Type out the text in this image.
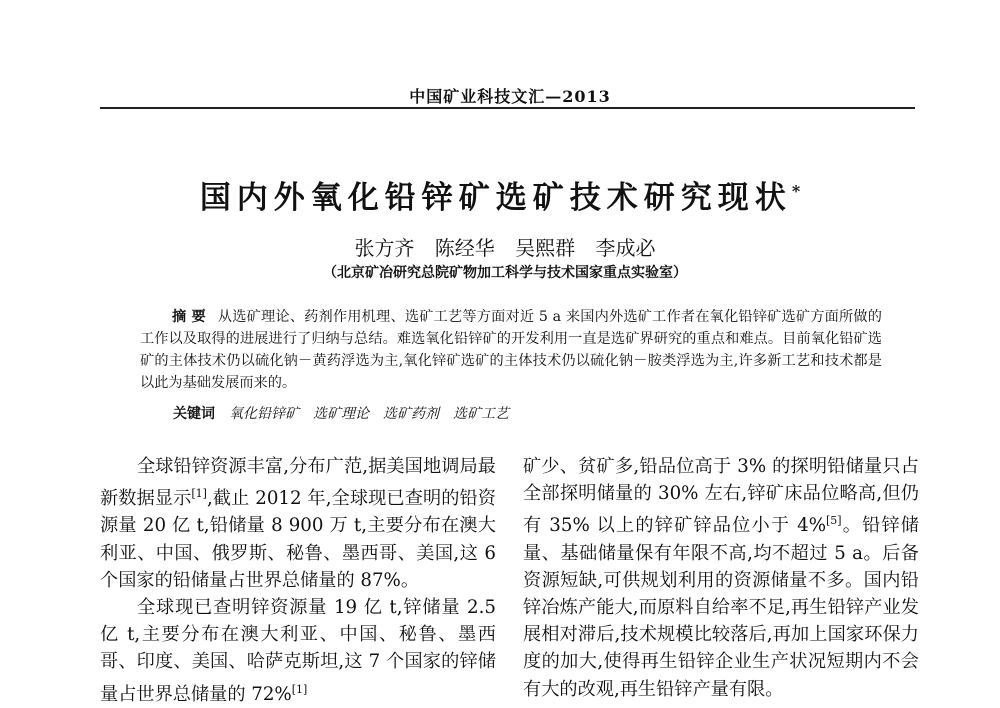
中国矿业科技文汇—2013
国内外氧化铅锌矿选矿技术研究现状*
张方齐 陈经华 吴熙群 李成必
（北京矿冶研究总院矿物加工科学与技术国家重点实验室）
摘 要 从选矿理论、药剂作用机理、选矿工艺等方面对近 5 a 来国内外选矿工作者在氧化铅锌矿选矿方面所做的工作以及取得的进展进行了归纳与总结。难选氧化铅锌矿的开发利用一直是选矿界研究的重点和难点。目前氧化铅矿选矿的主体技术仍以硫化钠－黄药浮选为主,氧化锌矿选矿的主体技术仍以硫化钠－胺类浮选为主,许多新工艺和技术都是以此为基础发展而来的。
关键词 氧化铅锌矿 选矿理论 选矿药剂 选矿工艺

全球铅锌资源丰富,分布广范,据美国地调局最新数据显示[1],截止 2012 年,全球现已查明的铅资源量 20 亿 t,铅储量 8 900 万 t,主要分布在澳大利亚、中国、俄罗斯、秘鲁、墨西哥、美国,这 6 个国家的铅储量占世界总储量的 87%。

全球现已查明锌资源量 19 亿 t,锌储量 2.5 亿 t,主要分布在澳大利亚、中国、秘鲁、墨西哥、印度、美国、哈萨克斯坦,这 7 个国家的锌储量占世界总储量的 72%[1]

矿少、贫矿多,铅品位高于 3% 的探明铅储量只占全部探明储量的 30% 左右,锌矿床品位略高,但仍有 35% 以上的锌矿锌品位小于 4%[5]。铅锌储量、基础储量保有年限不高,均不超过 5 a。后备资源短缺,可供规划利用的资源储量不多。国内铅锌冶炼产能大,而原料自给率不足,再生铅锌产业发展相对滞后,技术规模比较落后,再加上国家环保力度的加大,使得再生铅锌企业生产状况短期内不会有大的改观,再生铅锌产量有限。
